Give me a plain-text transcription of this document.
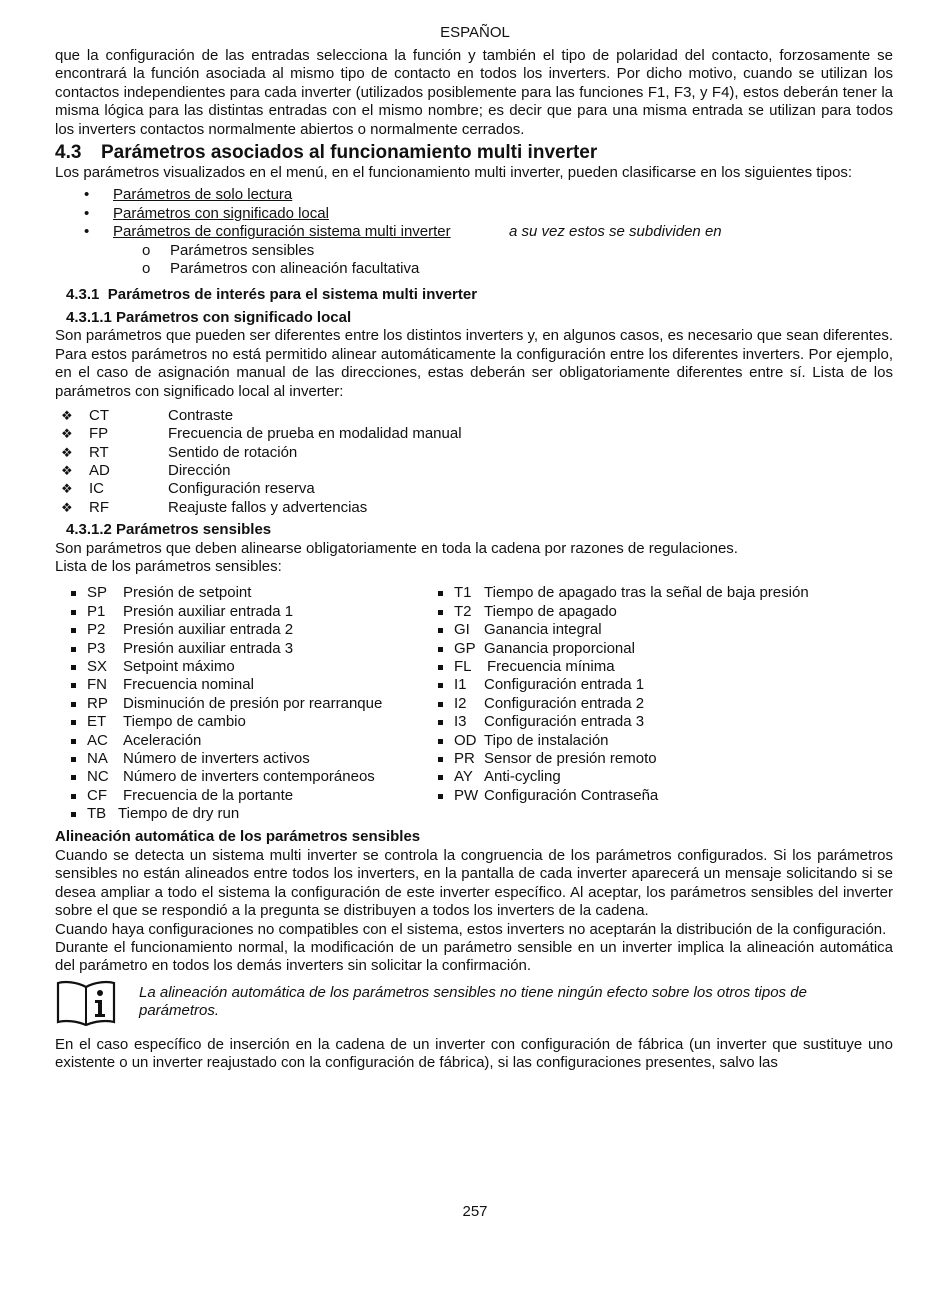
ESPAÑOL

que la configuración de las entradas selecciona la función y también el tipo de polaridad del contacto, forzosamente se encontrará la función asociada al mismo tipo de contacto en todos los inverters. Por dicho motivo, cuando se utilizan los contactos independientes para cada inverter (utilizados posiblemente para las funciones F1, F3, y F4), estos deberán tener la misma lógica para las distintas entradas con el mismo nombre; es decir que para una misma entrada se utilizan para todos los inverters contactos normalmente abiertos o normalmente cerrados.

4.3 Parámetros asociados al funcionamiento multi inverter

Los parámetros visualizados en el menú, en el funcionamiento multi inverter, pueden clasificarse en los siguientes tipos:

• Parámetros de solo lectura
• Parámetros con significado local
• Parámetros de configuración sistema multi inverter	a su vez estos se subdividen en
o Parámetros sensibles
o Parámetros con alineación facultativa
4.3.1 Parámetros de interés para el sistema multi inverter
4.3.1.1 Parámetros con significado local

Son parámetros que pueden ser diferentes entre los distintos inverters y, en algunos casos, es necesario que sean diferentes. Para estos parámetros no está permitido alinear automáticamente la configuración entre los diferentes inverters. Por ejemplo, en el caso de asignación manual de las direcciones, estas deberán ser obligatoriamente diferentes entre sí. Lista de los parámetros con significado local al inverter:

❖ CT	Contraste
❖ FP	Frecuencia de prueba en modalidad manual
❖ RT	Sentido de rotación
❖ AD	Dirección
❖ IC	Configuración reserva
❖ RF	Reajuste fallos y advertencias
4.3.1.2 Parámetros sensibles

Son parámetros que deben alinearse obligatoriamente en toda la cadena por razones de regulaciones.

Lista de los parámetros sensibles:

SP Presión de setpoint
P1 Presión auxiliar entrada 1
P2 Presión auxiliar entrada 2
P3 Presión auxiliar entrada 3
SX Setpoint máximo
FN Frecuencia nominal
RP Disminución de presión por rearranque
ET Tiempo de cambio
AC Aceleración
NA Número de inverters activos
NC Número de inverters contemporáneos
CF Frecuencia de la portante
TB Tiempo de dry run
T1 Tiempo de apagado tras la señal de baja presión
T2 Tiempo de apagado
GI Ganancia integral
GP Ganancia proporcional
FL Frecuencia mínima
I1 Configuración entrada 1
I2 Configuración entrada 2
I3 Configuración entrada 3
OD Tipo de instalación
PR Sensor de presión remoto
AY Anti-cycling
PW Configuración Contraseña
Alineación automática de los parámetros sensibles

Cuando se detecta un sistema multi inverter se controla la congruencia de los parámetros configurados. Si los parámetros sensibles no están alineados entre todos los inverters, en la pantalla de cada inverter aparecerá un mensaje solicitando si se desea ampliar a todo el sistema la configuración de este inverter específico. Al aceptar, los parámetros sensibles del inverter sobre el que se respondió a la pregunta se distribuyen a todos los inverters de la cadena.

Cuando haya configuraciones no compatibles con el sistema, estos inverters no aceptarán la distribución de la configuración.

Durante el funcionamiento normal, la modificación de un parámetro sensible en un inverter implica la alineación automática del parámetro en todos los demás inverters sin solicitar la confirmación.

La alineación automática de los parámetros sensibles no tiene ningún efecto sobre los otros tipos de parámetros.

En el caso específico de inserción en la cadena de un inverter con configuración de fábrica (un inverter que sustituye uno existente o un inverter reajustado con la configuración de fábrica), si las configuraciones presentes, salvo las

257
